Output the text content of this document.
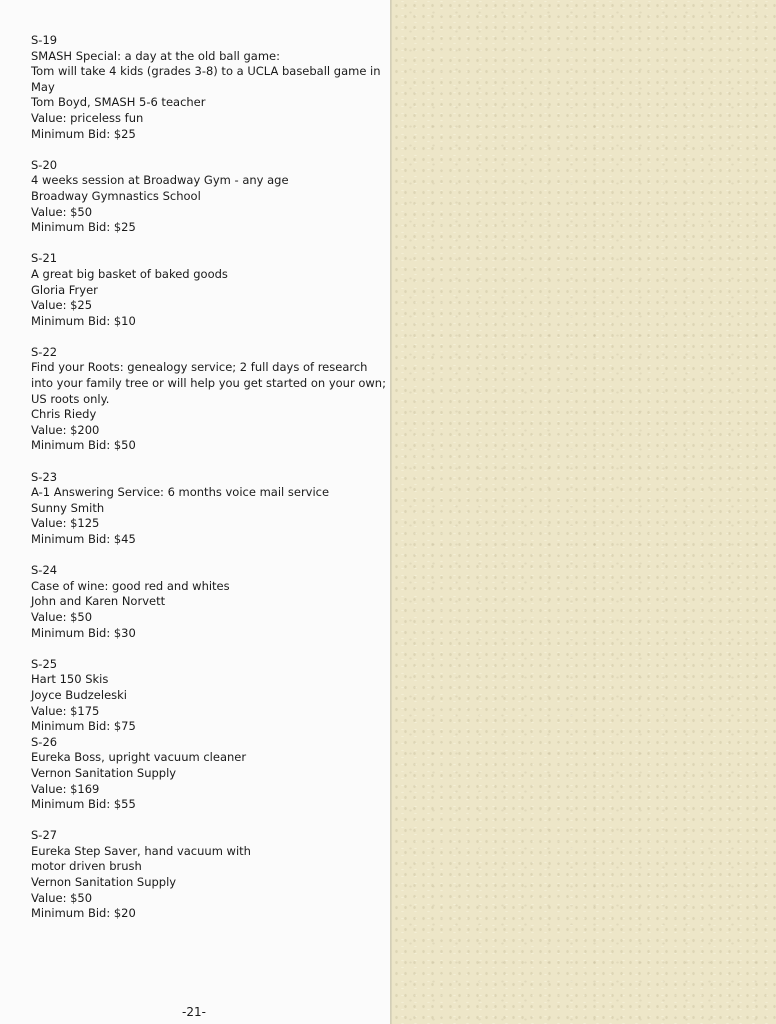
S-19
SMASH Special: a day at the old ball game:
Tom will take 4 kids (grades 3-8) to a UCLA baseball game in
May
Tom Boyd, SMASH 5-6 teacher
Value: priceless fun
Minimum Bid: $25
S-20
4 weeks session at Broadway Gym - any age
Broadway Gymnastics School
Value: $50
Minimum Bid: $25
S-21
A great big basket of baked goods
Gloria Fryer
Value: $25
Minimum Bid: $10
S-22
Find your Roots: genealogy service; 2 full days of research
into your family tree or will help you get started on your own;
US roots only.
Chris Riedy
Value: $200
Minimum Bid: $50
S-23
A-1 Answering Service: 6 months voice mail service
Sunny Smith
Value: $125
Minimum Bid: $45
S-24
Case of wine: good red and whites
John and Karen Norvett
Value: $50
Minimum Bid: $30
S-25
Hart 150 Skis
Joyce Budzeleski
Value: $175
Minimum Bid: $75
S-26
Eureka Boss, upright vacuum cleaner
Vernon Sanitation Supply
Value: $169
Minimum Bid: $55
S-27
Eureka Step Saver, hand vacuum with
motor driven brush
Vernon Sanitation Supply
Value: $50
Minimum Bid: $20
-21-
